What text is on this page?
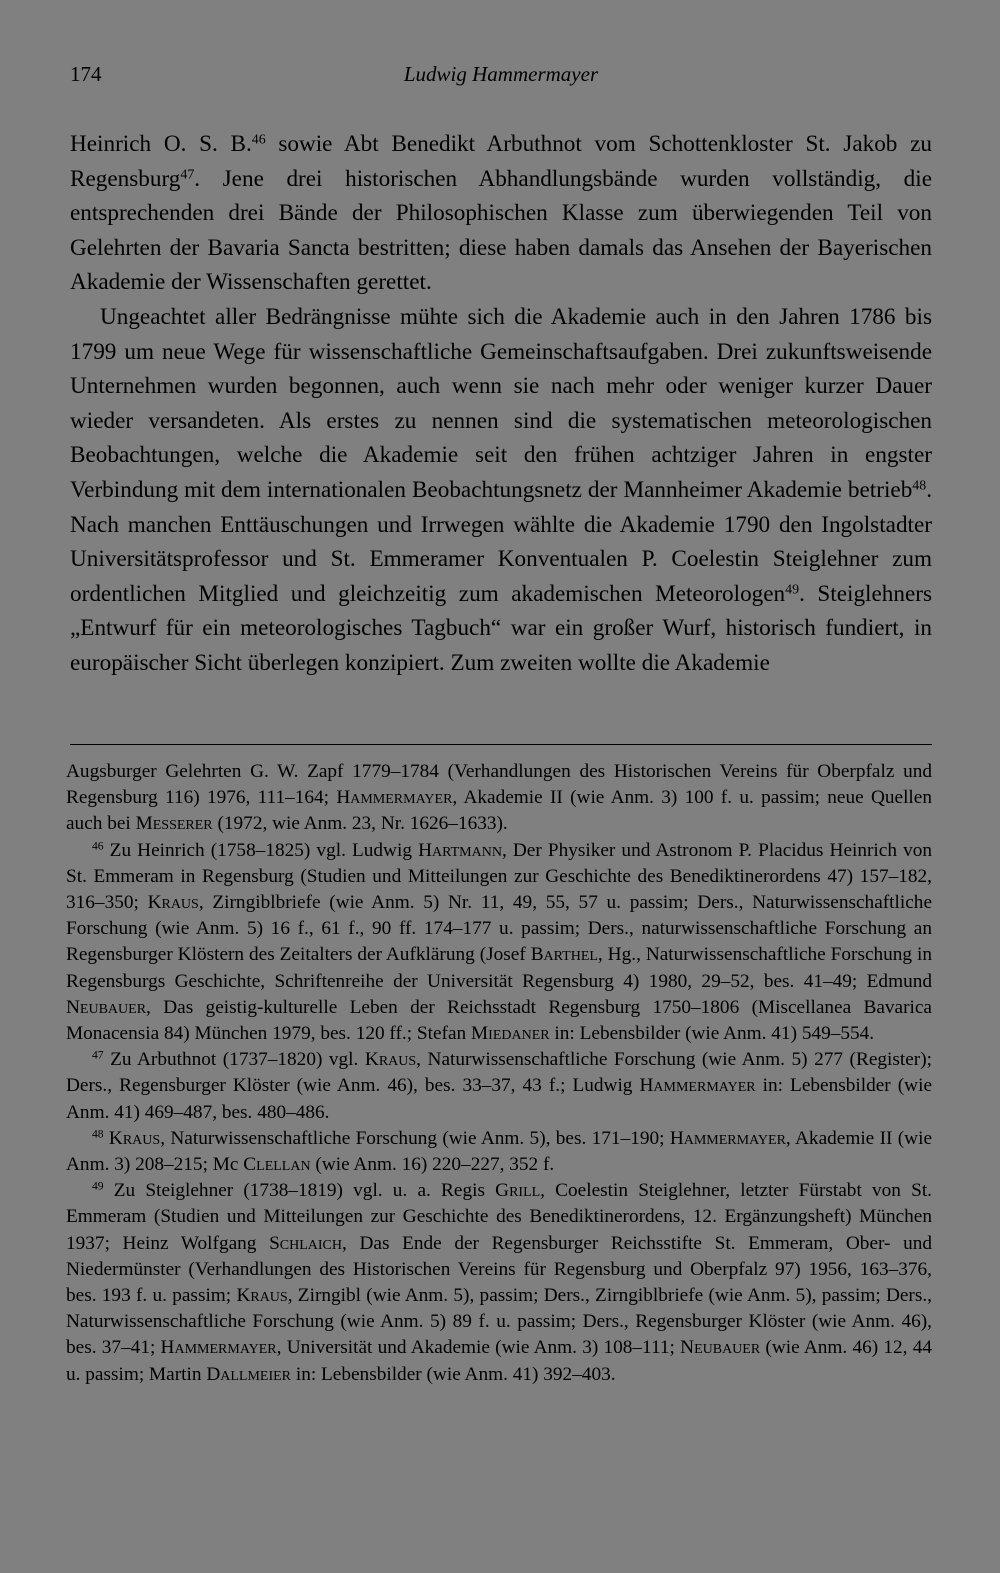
174	Ludwig Hammermayer

Heinrich O. S. B.$^{46}$ sowie Abt Benedikt Arbuthnot vom Schottenkloster St. Jakob zu Regensburg$^{47}$. Jene drei historischen Abhandlungsbände wurden vollständig, die entsprechenden drei Bände der Philosophischen Klasse zum überwiegenden Teil von Gelehrten der Bavaria Sancta bestritten; diese haben damals das Ansehen der Bayerischen Akademie der Wissenschaften gerettet.

Ungeachtet aller Bedrängnisse mühte sich die Akademie auch in den Jahren 1786 bis 1799 um neue Wege für wissenschaftliche Gemeinschaftsaufgaben. Drei zukunftsweisende Unternehmen wurden begonnen, auch wenn sie nach mehr oder weniger kurzer Dauer wieder versandeten. Als erstes zu nennen sind die systematischen meteorologischen Beobachtungen, welche die Akademie seit den frühen achtziger Jahren in engster Verbindung mit dem internationalen Beobachtungsnetz der Mannheimer Akademie betrieb$^{48}$. Nach manchen Enttäuschungen und Irrwegen wählte die Akademie 1790 den Ingolstadter Universitätsprofessor und St. Emmeramer Konventualen P. Coelestin Steiglehner zum ordentlichen Mitglied und gleichzeitig zum akademischen Meteorologen$^{49}$. Steiglehners „Entwurf für ein meteorologisches Tagbuch“ war ein großer Wurf, historisch fundiert, in europäischer Sicht überlegen konzipiert. Zum zweiten wollte die Akademie

Augsburger Gelehrten G. W. Zapf 1779–1784 (Verhandlungen des Historischen Vereins für Oberpfalz und Regensburg 116) 1976, 111–164; Hammermayer, Akademie II (wie Anm. 3) 100 f. u. passim; neue Quellen auch bei Messerer (1972, wie Anm. 23, Nr. 1626–1633).

$^{46}$ Zu Heinrich (1758–1825) vgl. Ludwig Hartmann, Der Physiker und Astronom P. Placidus Heinrich von St. Emmeram in Regensburg (Studien und Mitteilungen zur Geschichte des Benediktinerordens 47) 157–182, 316–350; Kraus, Zirngiblbriefe (wie Anm. 5) Nr. 11, 49, 55, 57 u. passim; Ders., Naturwissenschaftliche Forschung (wie Anm. 5) 16 f., 61 f., 90 ff. 174–177 u. passim; Ders., naturwissenschaftliche Forschung an Regensburger Klöstern des Zeitalters der Aufklärung (Josef Barthel, Hg., Naturwissenschaftliche Forschung in Regensburgs Geschichte, Schriftenreihe der Universität Regensburg 4) 1980, 29–52, bes. 41–49; Edmund Neubauer, Das geistig-kulturelle Leben der Reichsstadt Regensburg 1750–1806 (Miscellanea Bavarica Monacensia 84) München 1979, bes. 120 ff.; Stefan Miedaner in: Lebensbilder (wie Anm. 41) 549–554.

$^{47}$ Zu Arbuthnot (1737–1820) vgl. Kraus, Naturwissenschaftliche Forschung (wie Anm. 5) 277 (Register); Ders., Regensburger Klöster (wie Anm. 46), bes. 33–37, 43 f.; Ludwig Hammermayer in: Lebensbilder (wie Anm. 41) 469–487, bes. 480–486.

$^{48}$ Kraus, Naturwissenschaftliche Forschung (wie Anm. 5), bes. 171–190; Hammermayer, Akademie II (wie Anm. 3) 208–215; Mc Clellan (wie Anm. 16) 220–227, 352 f.

$^{49}$ Zu Steiglehner (1738–1819) vgl. u. a. Regis Grill, Coelestin Steiglehner, letzter Fürstabt von St. Emmeram (Studien und Mitteilungen zur Geschichte des Benediktinerordens, 12. Ergänzungsheft) München 1937; Heinz Wolfgang Schlaich, Das Ende der Regensburger Reichsstifte St. Emmeram, Ober- und Niedermünster (Verhandlungen des Historischen Vereins für Regensburg und Oberpfalz 97) 1956, 163–376, bes. 193 f. u. passim; Kraus, Zirngibl (wie Anm. 5), passim; Ders., Zirngiblbriefe (wie Anm. 5), passim; Ders., Naturwissenschaftliche Forschung (wie Anm. 5) 89 f. u. passim; Ders., Regensburger Klöster (wie Anm. 46), bes. 37–41; Hammermayer, Universität und Akademie (wie Anm. 3) 108–111; Neubauer (wie Anm. 46) 12, 44 u. passim; Martin Dallmeier in: Lebensbilder (wie Anm. 41) 392–403.
